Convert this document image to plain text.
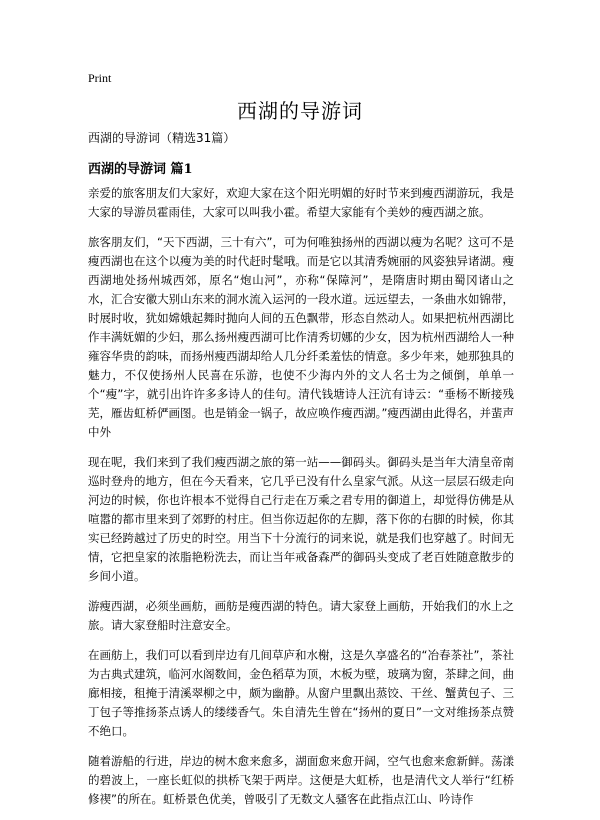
Print
西湖的导游词

西湖的导游词（精选31篇）

西湖的导游词 篇1

亲爱的旅客朋友们大家好，欢迎大家在这个阳光明媚的好时节来到瘦西湖游玩，我是大家的导游员霍雨佳，大家可以叫我小霍。希望大家能有个美妙的瘦西湖之旅。

旅客朋友们，“天下西湖，三十有六”，可为何唯独扬州的西湖以瘦为名呢？这可不是瘦西湖也在这个以瘦为美的时代赶时髦哦。而是它以其清秀婉丽的风姿独异诸湖。瘦西湖地处扬州城西郊，原名“炮山河”，亦称“保障河”，是隋唐时期由蜀冈诸山之水，汇合安徽大别山东来的洞水流入运河的一段水道。远远望去，一条曲水如锦带，时展时收，犹如嫦娥起舞时抛向人间的五色飘带，形态自然动人。如果把杭州西湖比作丰满妩媚的少妇，那么扬州瘦西湖可比作清秀切娜的少女，因为杭州西湖给人一种雍容华贵的韵味，而扬州瘦西湖却给人几分纤柔羞怯的情意。多少年来，她那独具的魅力，不仅使扬州人民喜在乐游，也使不少海内外的文人名士为之倾倒，单单一个“瘦”字，就引出许许多多诗人的佳句。清代钱塘诗人汪沆有诗云：“垂杨不断接残芜，雁齿虹桥俨画图。也是销金一锅子，故应唤作瘦西湖。”瘦西湖由此得名，并蜚声中外

现在呢，我们来到了我们瘦西湖之旅的第一站——御码头。御码头是当年大清皇帝南巡时登舟的地方，但在今天看来，它几乎已没有什么皇家气派。从这一层层石级走向河边的时候，你也许根本不觉得自己行走在万乘之君专用的御道上，却觉得仿佛是从喧嚣的都市里来到了郊野的村庄。但当你迈起你的左脚，落下你的右脚的时候，你其实已经跨越过了历史的时空。用当下十分流行的词来说，就是我们也穿越了。时间无情，它把皇家的浓脂艳粉洗去，而让当年戒备森严的御码头变成了老百姓随意散步的乡间小道。

游瘦西湖，必须坐画舫，画舫是瘦西湖的特色。请大家登上画舫，开始我们的水上之旅。请大家登船时注意安全。

在画舫上，我们可以看到岸边有几间草庐和水榭，这是久享盛名的“冶春茶社”，茶社为古典式建筑，临河水阁数间，金色稻草为顶，木板为壁，玻璃为窗，茶肆之间，曲廊相接，租掩于清溪翠柳之中，颇为幽静。从窗户里飘出蒸饺、干丝、蟹黄包子、三丁包子等推扬茶点诱人的缕缕香气。朱自清先生曾在“扬州的夏日”一文对维扬茶点赞不绝口。

随着游船的行进，岸边的树木愈来愈多，湖面愈来愈开阔，空气也愈来愈新鲜。荡漾的碧波上，一座长虹似的拱桥飞架于两岸。这便是大虹桥，也是清代文人举行“红桥修禊”的所在。虹桥景色优美，曾吸引了无数文人骚客在此指点江山、吟诗作
